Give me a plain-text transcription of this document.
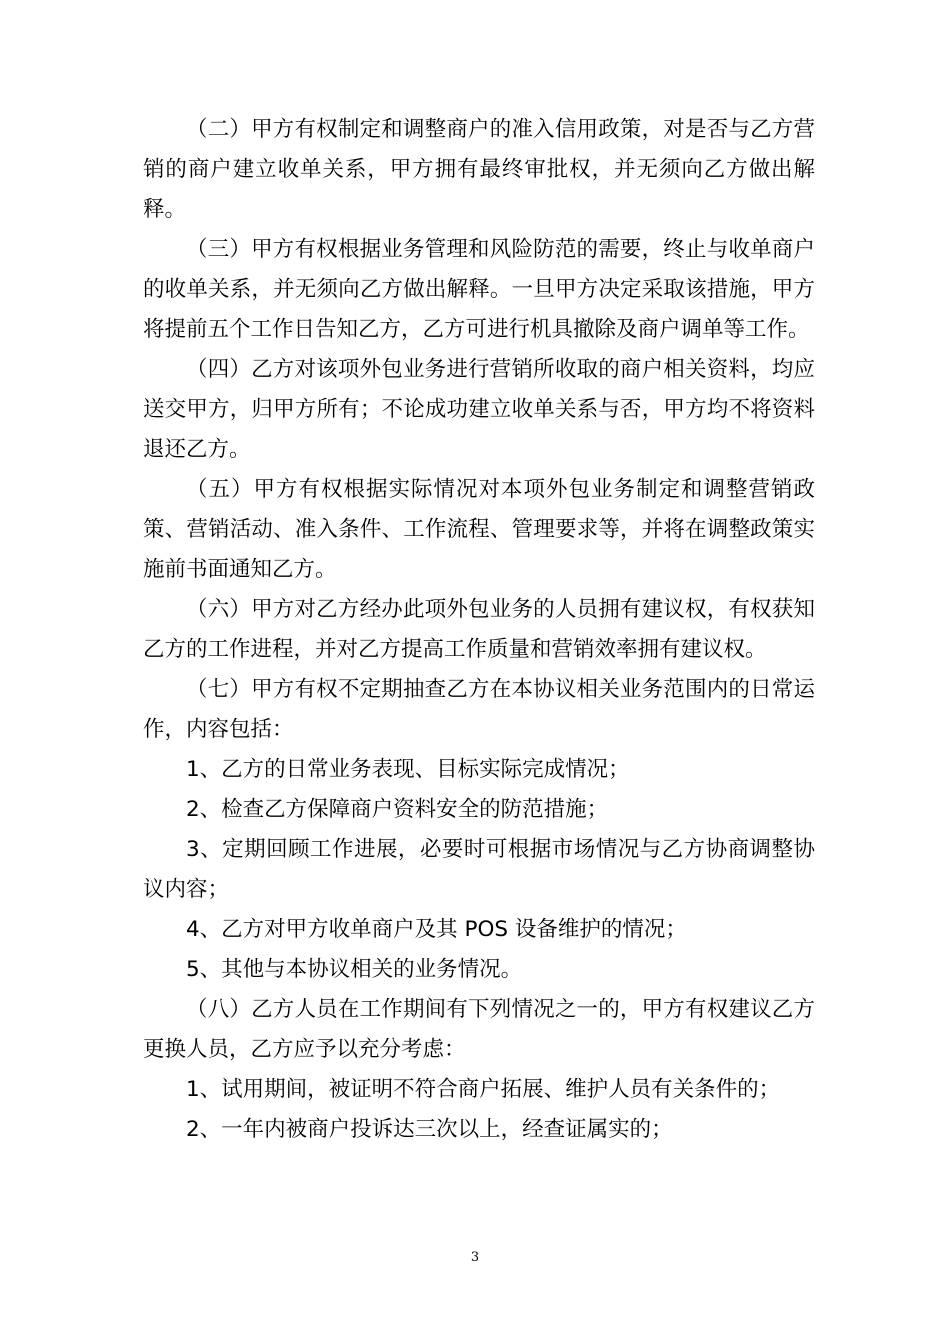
（二）甲方有权制定和调整商户的准入信用政策，对是否与乙方营销的商户建立收单关系，甲方拥有最终审批权，并无须向乙方做出解释。

（三）甲方有权根据业务管理和风险防范的需要，终止与收单商户的收单关系，并无须向乙方做出解释。一旦甲方决定采取该措施，甲方将提前五个工作日告知乙方，乙方可进行机具撤除及商户调单等工作。

（四）乙方对该项外包业务进行营销所收取的商户相关资料，均应送交甲方，归甲方所有；不论成功建立收单关系与否，甲方均不将资料退还乙方。

（五）甲方有权根据实际情况对本项外包业务制定和调整营销政策、营销活动、准入条件、工作流程、管理要求等，并将在调整政策实施前书面通知乙方。

（六）甲方对乙方经办此项外包业务的人员拥有建议权，有权获知乙方的工作进程，并对乙方提高工作质量和营销效率拥有建议权。

（七）甲方有权不定期抽查乙方在本协议相关业务范围内的日常运作，内容包括：

1、乙方的日常业务表现、目标实际完成情况；

2、检查乙方保障商户资料安全的防范措施；

3、定期回顾工作进展，必要时可根据市场情况与乙方协商调整协议内容；

4、乙方对甲方收单商户及其 POS 设备维护的情况；

5、其他与本协议相关的业务情况。

（八）乙方人员在工作期间有下列情况之一的，甲方有权建议乙方更换人员，乙方应予以充分考虑：

1、试用期间，被证明不符合商户拓展、维护人员有关条件的；

2、一年内被商户投诉达三次以上，经查证属实的；

3
